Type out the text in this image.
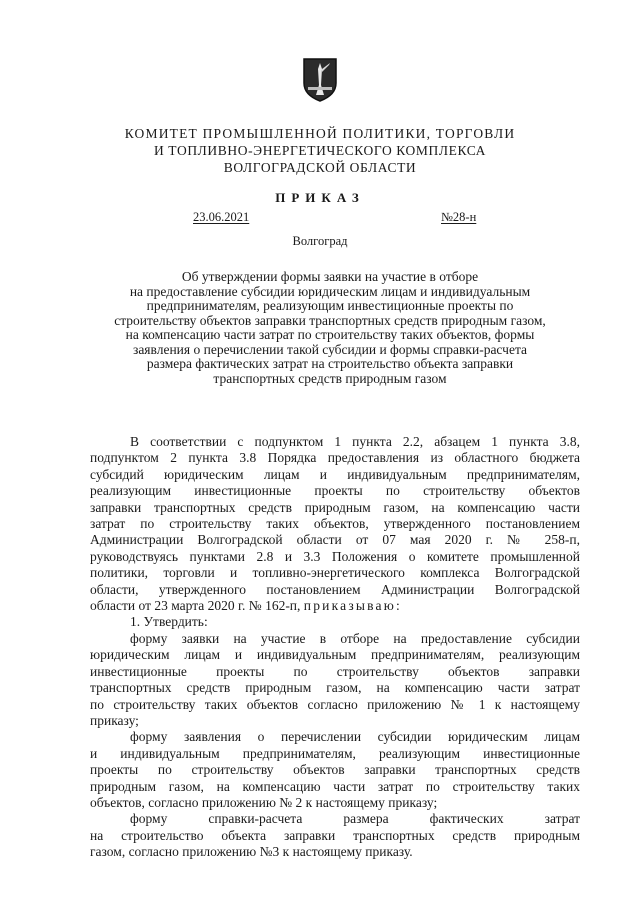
КОМИТЕТ ПРОМЫШЛЕННОЙ ПОЛИТИКИ, ТОРГОВЛИ
И ТОПЛИВНО-ЭНЕРГЕТИЧЕСКОГО КОМПЛЕКСА
ВОЛГОГРАДСКОЙ ОБЛАСТИ
ПРИКАЗ
23.06.2021	№28-н
Волгоград
Об утверждении формы заявки на участие в отборе
на предоставление субсидии юридическим лицам и индивидуальным
предпринимателям, реализующим инвестиционные проекты по
строительству объектов заправки транспортных средств природным газом,
на компенсацию части затрат по строительству таких объектов, формы
заявления о перечислении такой субсидии и формы справки-расчета
размера фактических затрат на строительство объекта заправки
транспортных средств природным газом
В соответствии с подпунктом 1 пункта 2.2, абзацем 1 пункта 3.8,
подпунктом 2 пункта 3.8 Порядка предоставления из областного бюджета
субсидий юридическим лицам и индивидуальным предпринимателям,
реализующим инвестиционные проекты по строительству объектов
заправки транспортных средств природным газом, на компенсацию части
затрат по строительству таких объектов, утвержденного постановлением
Администрации Волгоградской области от 07 мая 2020 г. № 258-п,
руководствуясь пунктами 2.8 и 3.3 Положения о комитете промышленной
политики, торговли и топливно-энергетического комплекса Волгоградской
области, утвержденного постановлением Администрации Волгоградской
области от 23 марта 2020 г. № 162-п, приказываю:
1. Утвердить:
форму заявки на участие в отборе на предоставление субсидии
юридическим лицам и индивидуальным предпринимателям, реализующим
инвестиционные проекты по строительству объектов заправки
транспортных средств природным газом, на компенсацию части затрат
по строительству таких объектов согласно приложению № 1 к настоящему
приказу;
форму заявления о перечислении субсидии юридическим лицам
и индивидуальным предпринимателям, реализующим инвестиционные
проекты по строительству объектов заправки транспортных средств
природным газом, на компенсацию части затрат по строительству таких
объектов, согласно приложению № 2 к настоящему приказу;
форму справки-расчета размера фактических затрат
на строительство объекта заправки транспортных средств природным
газом, согласно приложению №3 к настоящему приказу.
